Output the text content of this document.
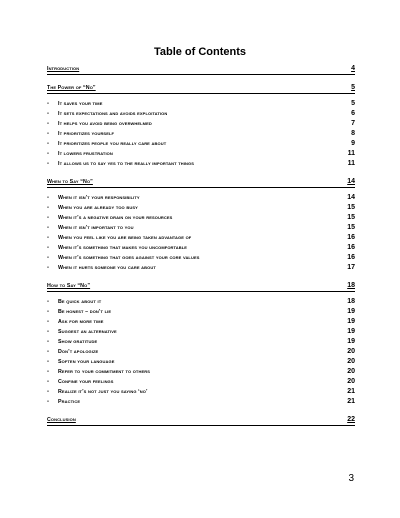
Table of Contents
Introduction	4
The Power of “No”	5
- It saves your time	5
- It sets expectations and avoids exploitation	6
- It helps you avoid being overwhelmed	7
- It prioritizes yourself	8
- It prioritizes people you really care about	9
- It lowers frustration	11
- It allows us to say yes to the really important things	11
When to Say “No”	14
- When it isn’t your responsibility	14
- When you are already too busy	15
- When it’s a negative drain on your resources	15
- When it isn’t important to you	15
- When you feel like you are being taken advantage of	16
- When it’s something that makes you uncomfortable	16
- When it’s something that goes against your core values	16
- When it hurts someone you care about	17
How to Say “No”	18
- Be quick about it	18
- Be honest – don’t lie	19
- Ask for more time	19
- Suggest an alternative	19
- Show gratitude	19
- Don’t apologize	20
- Soften your language	20
- Refer to your commitment to others	20
- Confine your feelings	20
- Realize it’s not just you saying ‘no’	21
- Practice	21
Conclusion	22
3
